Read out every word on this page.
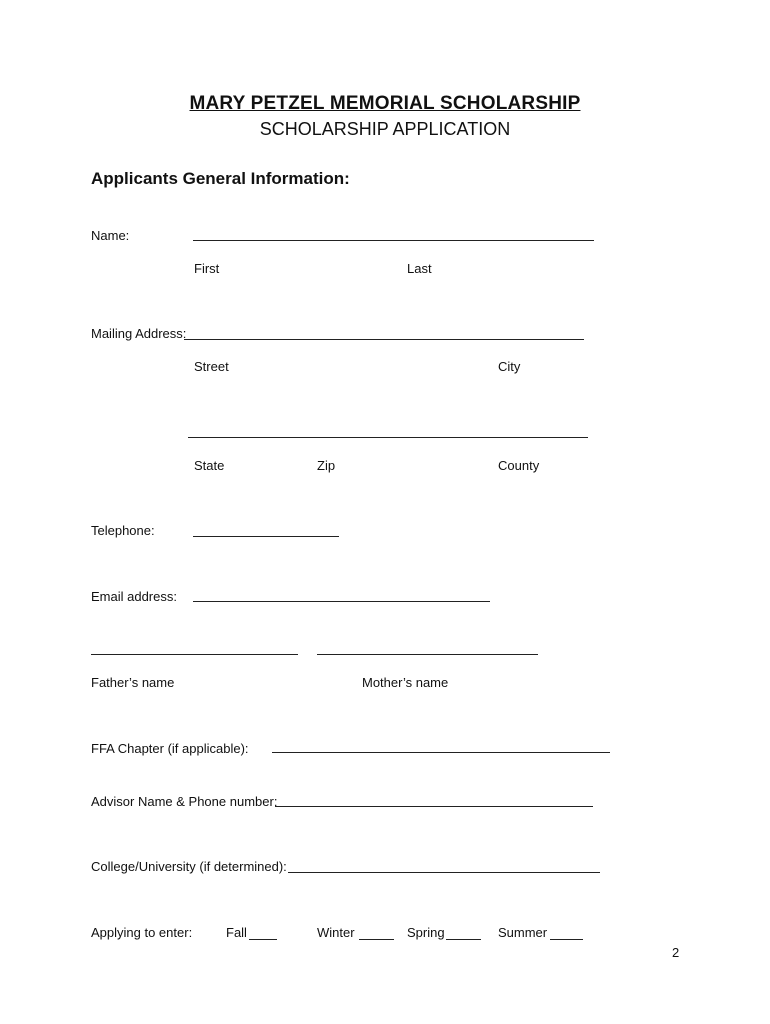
MARY PETZEL MEMORIAL SCHOLARSHIP
SCHOLARSHIP APPLICATION
Applicants General Information:
Name:
First	Last
Mailing Address:
Street	City
State	Zip	County
Telephone:
Email address:
Father’s name	Mother’s name
FFA Chapter (if applicable):
Advisor Name & Phone number:
College/University (if determined):
Applying to enter:	Fall	Winter	Spring	Summer
2
